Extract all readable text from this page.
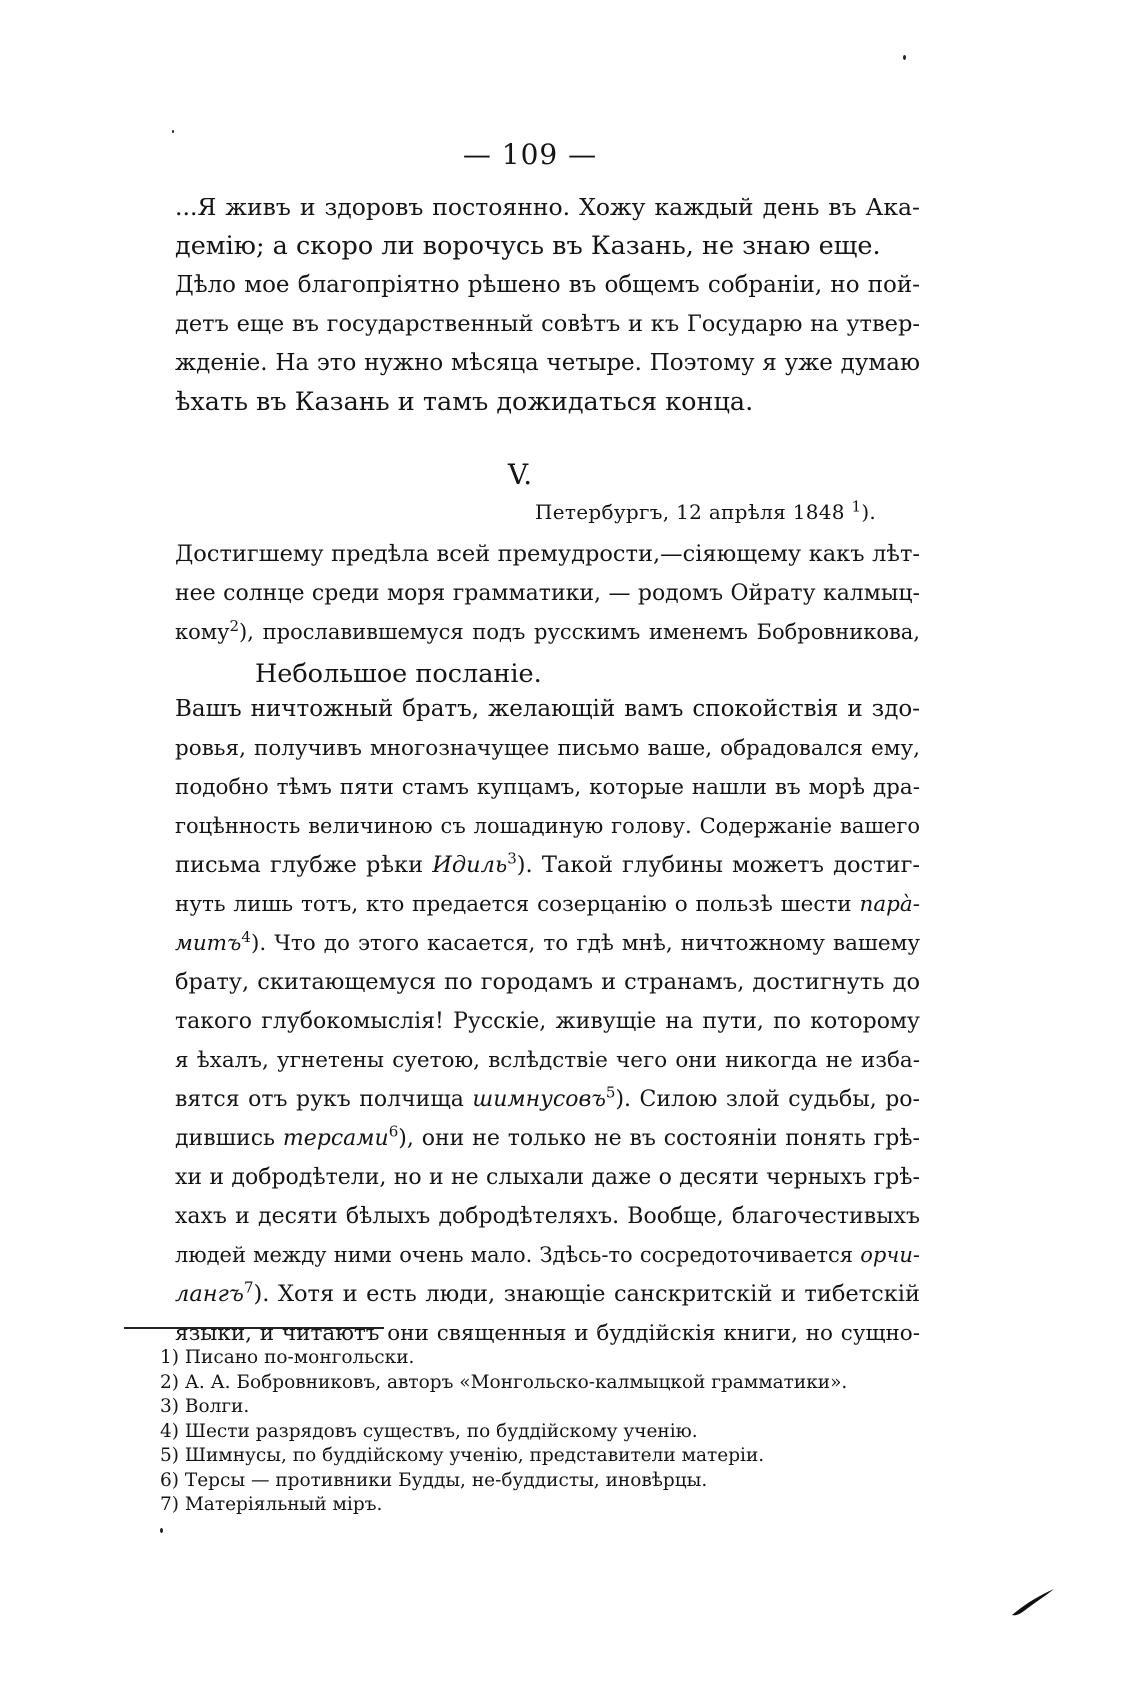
— 109 —
...Я живъ и здоровъ постоянно. Хожу каждый день въ Ака-
демію; а скоро ли ворочусь въ Казань, не знаю еще.
Дѣло мое благопріятно рѣшено въ общемъ собраніи, но пой-
детъ еще въ государственный совѣтъ и къ Государю на утвер-
жденіе. На это нужно мѣсяца четыре. Поэтому я уже думаю
ѣхать въ Казань и тамъ дожидаться конца.
V.
Петербургъ, 12 апрѣля 1848 $^1$).
Достигшему предѣла всей премудрости,—сіяющему какъ лѣт-
нее солнце среди моря грамматики, — родомъ Ойрату калмыц-
кому$^2$), прославившемуся подъ русскимъ именемъ Бобровникова,
Небольшое посланіе.
Вашъ ничтожный братъ, желающій вамъ спокойствія и здо-
ровья, получивъ многозначущее письмо ваше, обрадовался ему,
подобно тѣмъ пяти стамъ купцамъ, которые нашли въ морѣ дра-
гоцѣнность величиною съ лошадиную голову. Содержаніе вашего
письма глубже рѣки Идиль$^3$). Такой глубины можетъ достиг-
нуть лишь тотъ, кто предается созерцанію о пользѣ шести парà-
митъ$^4$). Что до этого касается, то гдѣ мнѣ, ничтожному вашему
брату, скитающемуся по городамъ и странамъ, достигнуть до
такого глубокомыслія! Русскіе, живущіе на пути, по которому
я ѣхалъ, угнетены суетою, вслѣдствіе чего они никогда не изба-
вятся отъ рукъ полчища шимнусовъ$^5$). Силою злой судьбы, ро-
дившись терсами$^6$), они не только не въ состояніи понять грѣ-
хи и добродѣтели, но и не слыхали даже о десяти черныхъ грѣ-
хахъ и десяти бѣлыхъ добродѣтеляхъ. Вообще, благочестивыхъ
людей между ними очень мало. Здѣсь-то сосредоточивается орчи-
лангъ$^7$). Хотя и есть люди, знающіе санскритскій и тибетскій
языки, и читаютъ они священныя и буддійскія книги, но сущно-
1) Писано по-монгольски.
2) А. А. Бобровниковъ, авторъ «Монгольско-калмыцкой грамматики».
3) Волги.
4) Шести разрядовъ существъ, по буддійскому ученію.
5) Шимнусы, по буддійскому ученію, представители матеріи.
6) Терсы — противники Будды, не-буддисты, иновѣрцы.
7) Матеріяльный міръ.
